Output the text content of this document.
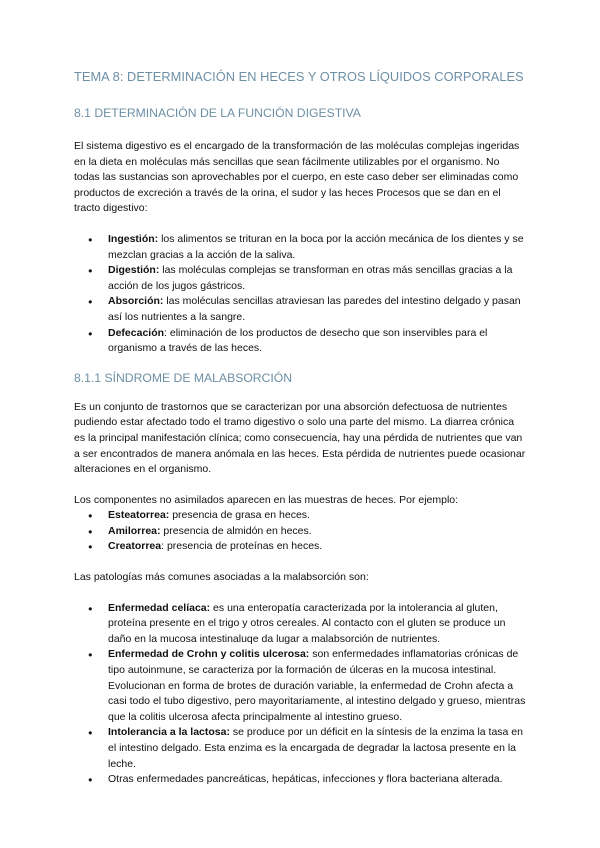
TEMA 8: DETERMINACIÓN EN HECES Y OTROS LÍQUIDOS CORPORALES
8.1 DETERMINACIÓN DE LA FUNCIÓN DIGESTIVA

El sistema digestivo es el encargado de la transformación de las moléculas complejas ingeridas en la dieta en moléculas más sencillas que sean fácilmente utilizables por el organismo. No todas las sustancias son aprovechables por el cuerpo, en este caso deber ser eliminadas como productos de excreción a través de la orina, el sudor y las heces Procesos que se dan en el tracto digestivo:

● Ingestión: los alimentos se trituran en la boca por la acción mecánica de los dientes y se mezclan gracias a la acción de la saliva.
● Digestión: las moléculas complejas se transforman en otras más sencillas gracias a la acción de los jugos gástricos.
● Absorción: las moléculas sencillas atraviesan las paredes del intestino delgado y pasan así los nutrientes a la sangre.
● Defecación: eliminación de los productos de desecho que son inservibles para el organismo a través de las heces.
8.1.1 SÍNDROME DE MALABSORCIÓN

Es un conjunto de trastornos que se caracterizan por una absorción defectuosa de nutrientes pudiendo estar afectado todo el tramo digestivo o solo una parte del mismo. La diarrea crónica es la principal manifestación clínica; como consecuencia, hay una pérdida de nutrientes que van a ser encontrados de manera anómala en las heces. Esta pérdida de nutrientes puede ocasionar alteraciones en el organismo.

Los componentes no asimilados aparecen en las muestras de heces. Por ejemplo:

● Esteatorrea: presencia de grasa en heces.
● Amilorrea: presencia de almidón en heces.
● Creatorrea: presencia de proteínas en heces.

Las patologías más comunes asociadas a la malabsorción son:

● Enfermedad celíaca: es una enteropatía caracterizada por la intolerancia al gluten, proteína presente en el trigo y otros cereales. Al contacto con el gluten se produce un daño en la mucosa intestinaluqe da lugar a malabsorción de nutrientes.
● Enfermedad de Crohn y colitis ulcerosa: son enfermedades inflamatorias crónicas de tipo autoinmune, se caracteriza por la formación de úlceras en la mucosa intestinal. Evolucionan en forma de brotes de duración variable, la enfermedad de Crohn afecta a casi todo el tubo digestivo, pero mayoritariamente, al intestino delgado y grueso, mientras que la colitis ulcerosa afecta principalmente al intestino grueso.
● Intolerancia a la lactosa: se produce por un déficit en la síntesis de la enzima la tasa en el intestino delgado. Esta enzima es la encargada de degradar la lactosa presente en la leche.
● Otras enfermedades pancreáticas, hepáticas, infecciones y flora bacteriana alterada.
